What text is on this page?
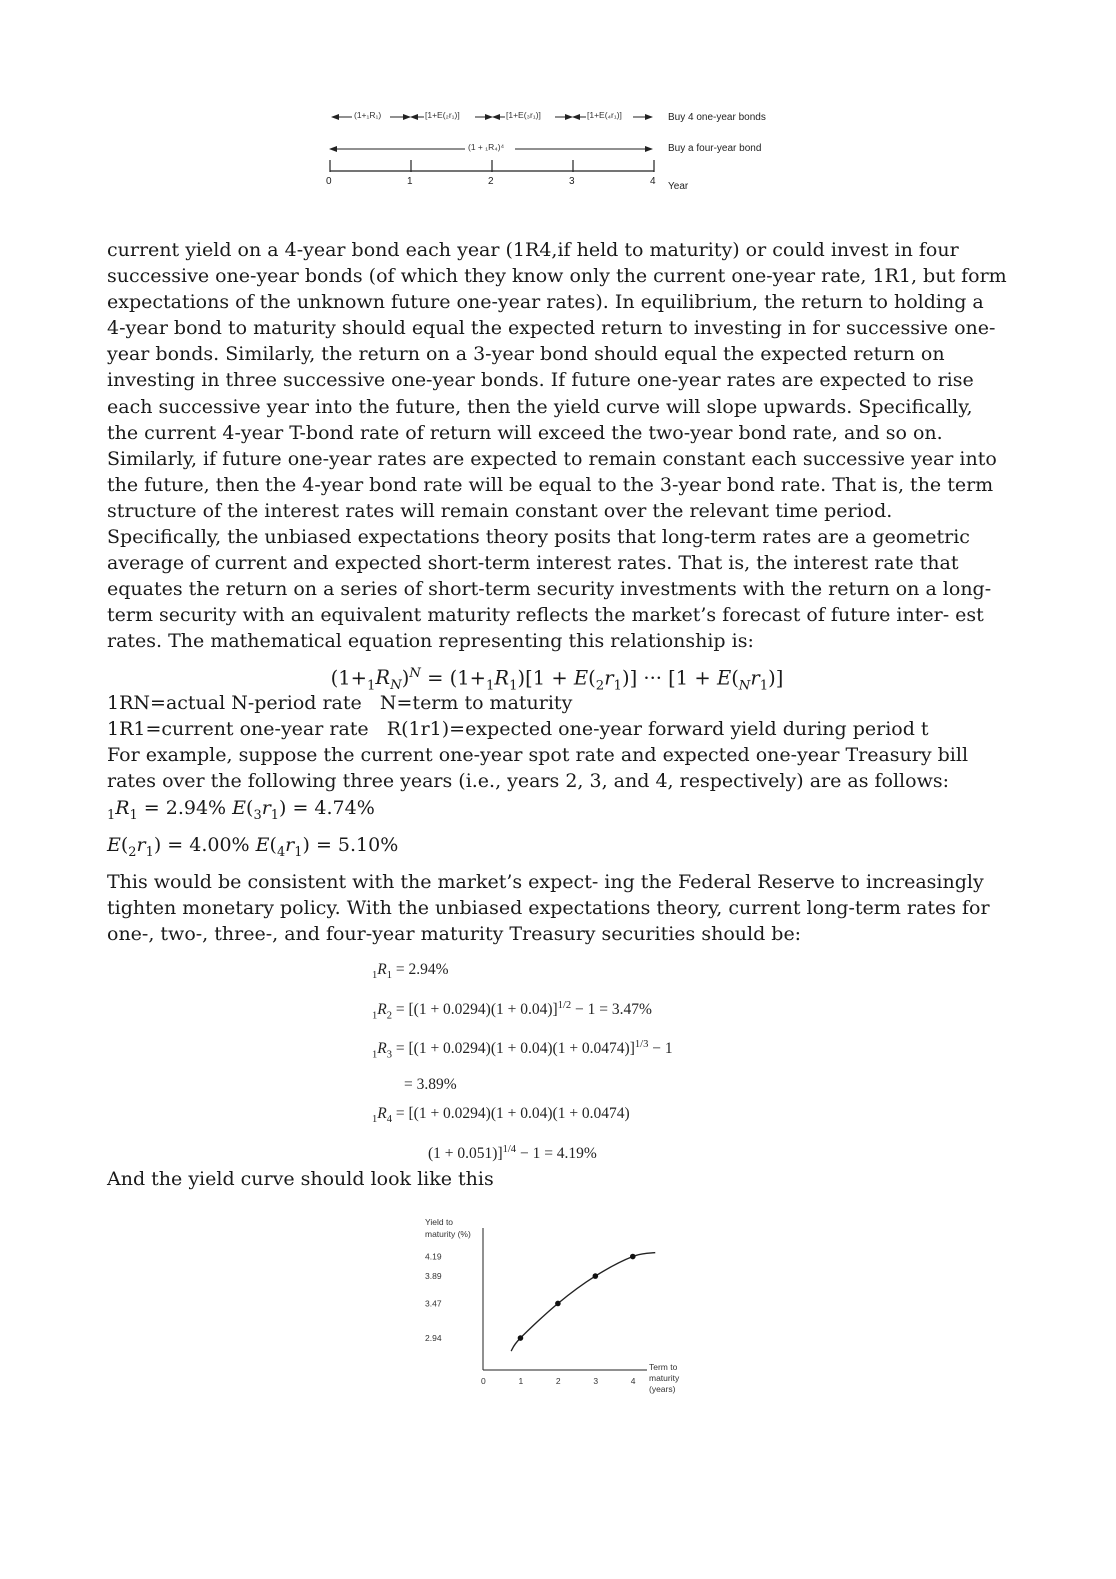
(1+₁R₁)	[1+E(₂r₁)]	[1+E(₃r₁)]	[1+E(₄r₁)]
(1 + ₁R₄)⁴
Buy 4 one-year bonds
Buy a four-year bond
0	1	2	3	4 Year

current yield on a 4-year bond each year (1R4,if held to maturity) or could invest in four successive one-year bonds (of which they know only the current one-year rate, 1R1, but form expectations of the unknown future one-year rates). In equilibrium, the return to holding a 4-year bond to maturity should equal the expected return to investing in for successive one-year bonds. Similarly, the return on a 3-year bond should equal the expected return on investing in three successive one-year bonds. If future one-year rates are expected to rise each successive year into the future, then the yield curve will slope upwards. Specifically, the current 4-year T-bond rate of return will exceed the two-year bond rate, and so on. Similarly, if future one-year rates are expected to remain constant each successive year into the future, then the 4-year bond rate will be equal to the 3-year bond rate. That is, the term structure of the interest rates will remain constant over the relevant time period. Specifically, the unbiased expectations theory posits that long-term rates are a geometric average of current and expected short-term interest rates. That is, the interest rate that equates the return on a series of short-term security investments with the return on a long-term security with an equivalent maturity reflects the market’s forecast of future inter- est rates. The mathematical equation representing this relationship is:

$(1+_1R_N)^N = (1+_1R_1)[1 + E(_2r_1)]$ ··· $[1 + E(_Nr_1)]$

1RN=actual N-period rate   N=term to maturity

1R1=current one-year rate   R(1r1)=expected one-year forward yield during period t

For example, suppose the current one-year spot rate and expected one-year Treasury bill rates over the following three years (i.e., years 2, 3, and 4, respectively) are as follows:

$_1R_1 = 2.94\%$ $E(_3r_1) = 4.74\%$

$E(_2r_1) = 4.00\%$ $E(_4r_1) = 5.10\%$

This would be consistent with the market’s expect- ing the Federal Reserve to increasingly tighten monetary policy. With the unbiased expectations theory, current long-term rates for one-, two-, three-, and four-year maturity Treasury securities should be:

$_1R_1 = 2.94\%$

$_1R_2 = [(1 + 0.0294)(1 + 0.04)]^{1/2} - 1 = 3.47\%$

$_1R_3 = [(1 + 0.0294)(1 + 0.04)(1 + 0.0474)]^{1/3} - 1$

= 3.89%

$_1R_4 = [(1 + 0.0294)(1 + 0.04)(1 + 0.0474)$

(1 + 0.051)]$^{1/4}$ − 1 = 4.19%

And the yield curve should look like this

Yield to
maturity (%)
Term to
maturity
(years)
2.94
3.47
3.89
4.19
0	1	2	3	4
